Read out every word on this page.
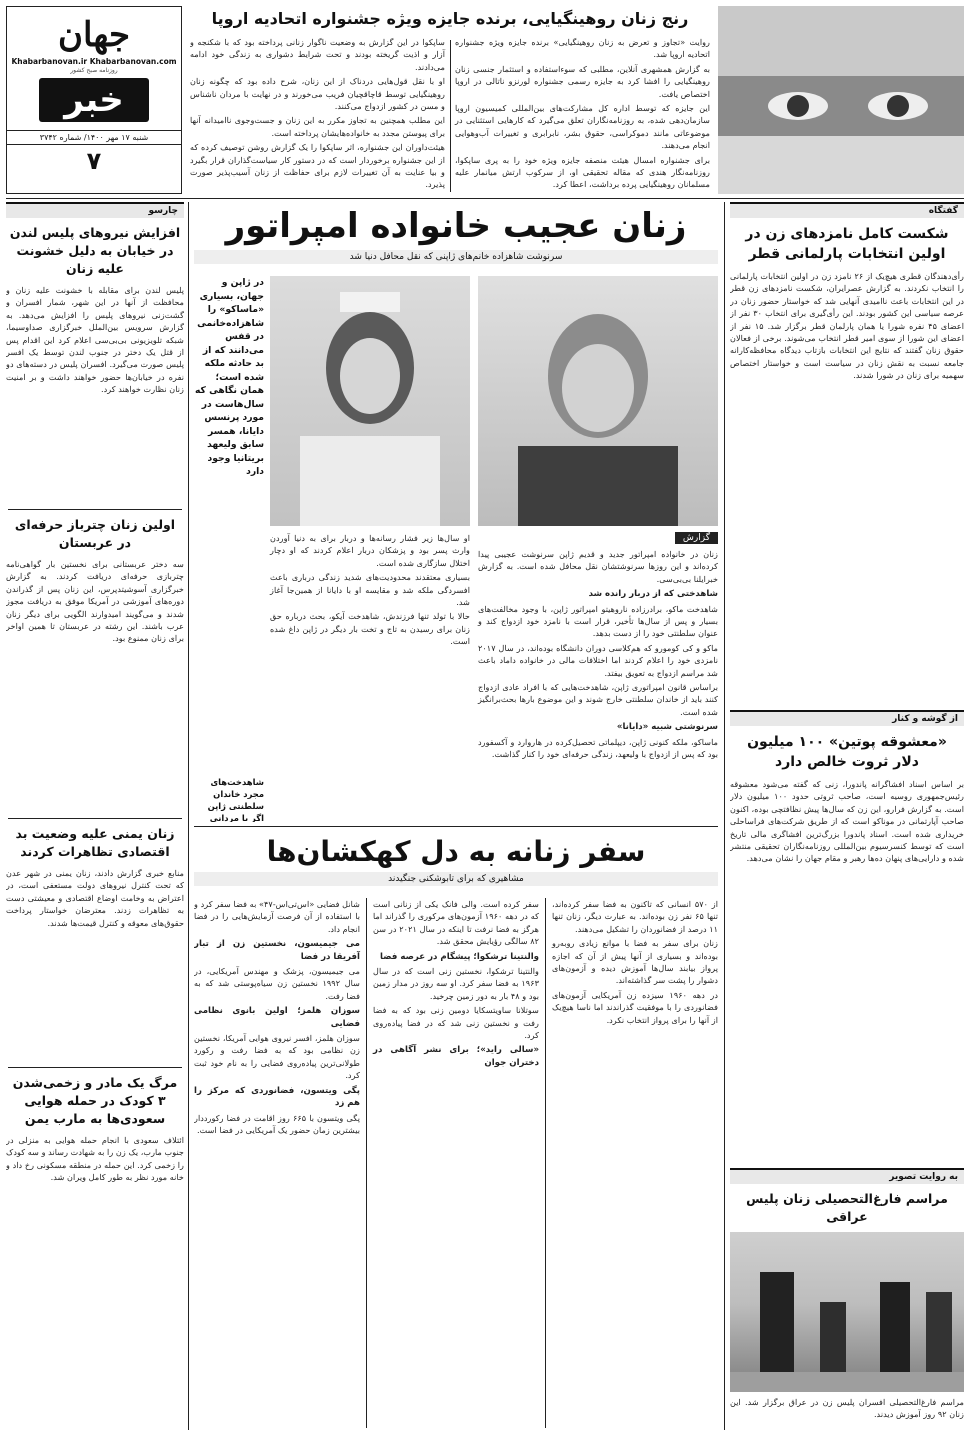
جهان
Khabarbanovan.ir Khabarbanovan.com
روزنامه صبح کشور
خبر
شنبه ۱۷ مهر ۱۴۰۰/ شماره ۳۷۴۲
۷
رنج زنان روهینگیایی، برنده جایزه ویژه جشنواره اتحادیه اروپا

ساپکوا در این گزارش به وضعیت ناگوار زنانی پرداخته بود که با شکنجه و آزار و اذیت گریخته بودند و تحت شرایط دشواری به زندگی خود ادامه می‌دادند.

او با نقل قول‌هایی دردناک از این زنان، شرح داده بود که چگونه زنان روهینگیایی توسط قاچاقچیان فریب می‌خورند و در نهایت با مردان ناشناس و مسن در کشور ازدواج می‌کنند.

این مطلب همچنین به تجاوز مکرر به این زنان و جست‌وجوی ناامیدانه آنها برای پیوستن مجدد به خانواده‌هایشان پرداخته است.

هیئت‌داوران این جشنواره، اثر ساپکوا را یک گزارش روشن توصیف کرده که از این جشنواره برخوردار است که در دستور کار سیاست‌گذاران قرار بگیرد و بیا عنایت به آن تغییرات لازم برای حفاظت از زنان آسیب‌پذیر صورت پذیرد.

روایت «تجاوز و تعرض به زنان روهینگیایی» برنده جایزه ویژه جشنواره اتحادیه اروپا شد.

به گزارش همشهری آنلاین، مطلبی که سوءاستفاده و استثمار جنسی زنان روهینگیایی را افشا کرد به جایزه رسمی جشنواره لورنزو ناتالی در اروپا اختصاص یافت.

این جایزه که توسط اداره کل مشارکت‌های بین‌المللی کمیسیون اروپا سازمان‌دهی شده، به روزنامه‌نگاران تعلق می‌گیرد که کارهایی استثنایی در موضوعاتی مانند دموکراسی، حقوق بشر، نابرابری و تغییرات آب‌وهوایی انجام می‌دهند.

برای جشنواره امسال هیئت منصفه جایزه ویژه خود را به پری ساپکوا، روزنامه‌نگار هندی که مقاله تحقیقی او، از سرکوب ارتش میانمار علیه مسلمانان روهینگیایی پرده برداشت، اعطا کرد.

گفتگاه
شکست کامل نامزدهای زن در اولین انتخابات پارلمانی قطر
رأی‌دهندگان قطری هیچ‌یک از ۲۶ نامزد زن در اولین انتخابات پارلمانی را انتخاب نکردند. به گزارش عصرایران، شکست نامزدهای زن قطر در این انتخابات باعث ناامیدی آنهایی شد که خواستار حضور زنان در عرصه سیاسی این کشور بودند. این رأی‌گیری برای انتخاب ۳۰ نفر از اعضای ۴۵ نفره شورا یا همان پارلمان قطر برگزار شد. ۱۵ نفر از اعضای این شورا از سوی امیر قطر انتخاب می‌شوند. برخی از فعالان حقوق زنان گفتند که نتایج این انتخابات بازتاب دیدگاه محافظه‌کارانه جامعه نسبت به نقش زنان در سیاست است و خواستار اختصاص سهمیه برای زنان در شورا شدند.
از گوشه و کنار
«معشوقه پوتین» ۱۰۰ میلیون دلار ثروت خالص دارد
بر اساس اسناد افشاگرانه پاندورا، زنی که گفته می‌شود معشوقه رئیس‌جمهوری روسیه است، صاحب ثروتی حدود ۱۰۰ میلیون دلار است. به گزارش فرارو، این زن که سال‌ها پیش نظافتچی بوده، اکنون صاحب آپارتمانی در موناکو است که از طریق شرکت‌های فراساحلی خریداری شده است. اسناد پاندورا بزرگ‌ترین افشاگری مالی تاریخ است که توسط کنسرسیوم بین‌المللی روزنامه‌نگاران تحقیقی منتشر شده و دارایی‌های پنهان ده‌ها رهبر و مقام جهان را نشان می‌دهد.
به روایت تصویر
مراسم فارغ‌التحصیلی زنان پلیس عراقی
مراسم فارغ‌التحصیلی افسران پلیس زن در عراق برگزار شد. این زنان ۹۲ روز آموزش دیدند.
چارسو
افزایش نیروهای پلیس لندن در خیابان به دلیل خشونت علیه زنان
پلیس لندن برای مقابله با خشونت علیه زنان و محافظت از آنها در این شهر، شمار افسران و گشت‌زنی نیروهای پلیس را افزایش می‌دهد. به گزارش سرویس بین‌الملل خبرگزاری صداوسیما، شبکه تلویزیونی بی‌بی‌سی اعلام کرد این اقدام پس از قتل یک دختر در جنوب لندن توسط یک افسر پلیس صورت می‌گیرد. افسران پلیس در دسته‌های دو نفره در خیابان‌ها حضور خواهند داشت و بر امنیت زنان نظارت خواهند کرد.
اولین زنان چترباز حرفه‌ای در عربستان
سه دختر عربستانی برای نخستین بار گواهی‌نامه چتربازی حرفه‌ای دریافت کردند. به گزارش خبرگزاری آسوشیتدپرس، این زنان پس از گذراندن دوره‌های آموزشی در آمریکا موفق به دریافت مجوز شدند و می‌گویند امیدوارند الگویی برای دیگر زنان عرب باشند. این رشته در عربستان تا همین اواخر برای زنان ممنوع بود.
زنان یمنی علیه وضعیت بد اقتصادی تظاهرات کردند
منابع خبری گزارش دادند، زنان یمنی در شهر عدن که تحت کنترل نیروهای دولت مستعفی است، در اعتراض به وخامت اوضاع اقتصادی و معیشتی دست به تظاهرات زدند. معترضان خواستار پرداخت حقوق‌های معوقه و کنترل قیمت‌ها شدند.
مرگ یک مادر و زخمی‌شدن ۳ کودک در حمله هوایی سعودی‌ها به مارب یمن
ائتلاف سعودی با انجام حمله هوایی به منزلی در جنوب مارب، یک زن را به شهادت رساند و سه کودک را زخمی کرد. این حمله در منطقه مسکونی رخ داد و خانه مورد نظر به طور کامل ویران شد.
زنان عجیب خانواده امپراتور
سرنوشت شاهزاده خانم‌های ژاپنی که نقل محافل دنیا شد
در ژاپن و جهان، بسیاری «ماساکو» را شاهزاده‌خانمی در قفس می‌دانند که از بد حادثه ملکه شده است؛ همان نگاهی که سال‌هاست در مورد پرنسس دایانا، همسر سابق ولیعهد بریتانیا وجود دارد
گزارش

زنان در خانواده امپراتور جدید و قدیم ژاپن سرنوشت عجیبی پیدا کرده‌اند و این روزها سرنوشتشان نقل محافل شده است. به گزارش خبرایلنا بی‌بی‌سی.

شاهدختی که از دربار رانده شد

شاهدخت ماکو، برادرزاده ناروهیتو امپراتور ژاپن، با وجود مخالفت‌های بسیار و پس از سال‌ها تأخیر، قرار است با نامزد خود ازدواج کند و عنوان سلطنتی خود را از دست بدهد.

ماکو و کی کومورو که هم‌کلاسی دوران دانشگاه بوده‌اند، در سال ۲۰۱۷ نامزدی خود را اعلام کردند اما اختلافات مالی در خانواده داماد باعث شد مراسم ازدواج به تعویق بیفتد.

براساس قانون امپراتوری ژاپن، شاهدخت‌هایی که با افراد عادی ازدواج کنند باید از خاندان سلطنتی خارج شوند و این موضوع بارها بحث‌برانگیز شده است.

سرنوشتی شبیه «دایانا»

ماساکو، ملکه کنونی ژاپن، دیپلماتی تحصیل‌کرده در هاروارد و آکسفورد بود که پس از ازدواج با ولیعهد، زندگی حرفه‌ای خود را کنار گذاشت.

او سال‌ها زیر فشار رسانه‌ها و دربار برای به دنیا آوردن وارث پسر بود و پزشکان دربار اعلام کردند که او دچار اختلال سازگاری شده است.

بسیاری معتقدند محدودیت‌های شدید زندگی درباری باعث افسردگی ملکه شد و مقایسه او با دایانا از همین‌جا آغاز شد.

حالا با تولد تنها فرزندش، شاهدخت آیکو، بحث درباره حق زنان برای رسیدن به تاج و تخت بار دیگر در ژاپن داغ شده است.

شاهدخت‌های مجرد خاندان سلطنتی ژاپن اگر با مردانی
سفر زنانه به دل کهکشان‌ها
مشاهیری که برای تابوشکنی جنگیدند

از ۵۷۰ انسانی که تاکنون به فضا سفر کرده‌اند، تنها ۶۵ نفر زن بوده‌اند. به عبارت دیگر، زنان تنها ۱۱ درصد از فضانوردان را تشکیل می‌دهند.

زنان برای سفر به فضا با موانع زیادی روبه‌رو بوده‌اند و بسیاری از آنها پیش از آن که اجازه پرواز بیابند سال‌ها آموزش دیده و آزمون‌های دشوار را پشت سر گذاشته‌اند.

در دهه ۱۹۶۰ سیزده زن آمریکایی آزمون‌های فضانوردی را با موفقیت گذراندند اما ناسا هیچ‌یک از آنها را برای پرواز انتخاب نکرد.

سفر کرده است. والی فانک یکی از زنانی است که در دهه ۱۹۶۰ آزمون‌های مرکوری را گذراند اما هرگز به فضا نرفت تا اینکه در سال ۲۰۲۱ در سن ۸۲ سالگی رؤیایش محقق شد.

والنتینا ترشکوا؛ پیشگام در عرصه فضا

والنتینا ترشکوا، نخستین زنی است که در سال ۱۹۶۳ به فضا سفر کرد. او سه روز در مدار زمین بود و ۴۸ بار به دور زمین چرخید.

سوتلانا ساویتسکایا دومین زنی بود که به فضا رفت و نخستین زنی شد که در فضا پیاده‌روی کرد.

«سالی راید»؛ برای نشر آگاهی در دختران جوان

شانل فضایی «اس‌تی‌اس-۴۷» به فضا سفر کرد و با استفاده از آن فرصت آزمایش‌هایی را در فضا انجام داد.

می جیمیسون، نخستین زن از تبار آفریقا در فضا

می جیمیسون، پزشک و مهندس آمریکایی، در سال ۱۹۹۲ نخستین زن سیاه‌پوستی شد که به فضا رفت.

سوزان هلمز؛ اولین بانوی نظامی فضایی

سوزان هلمز، افسر نیروی هوایی آمریکا، نخستین زن نظامی بود که به فضا رفت و رکورد طولانی‌ترین پیاده‌روی فضایی را به نام خود ثبت کرد.

پگی ویتسون، فضانوردی که مرکز را هم زد

پگی ویتسون با ۶۶۵ روز اقامت در فضا رکورددار بیشترین زمان حضور یک آمریکایی در فضا است.
